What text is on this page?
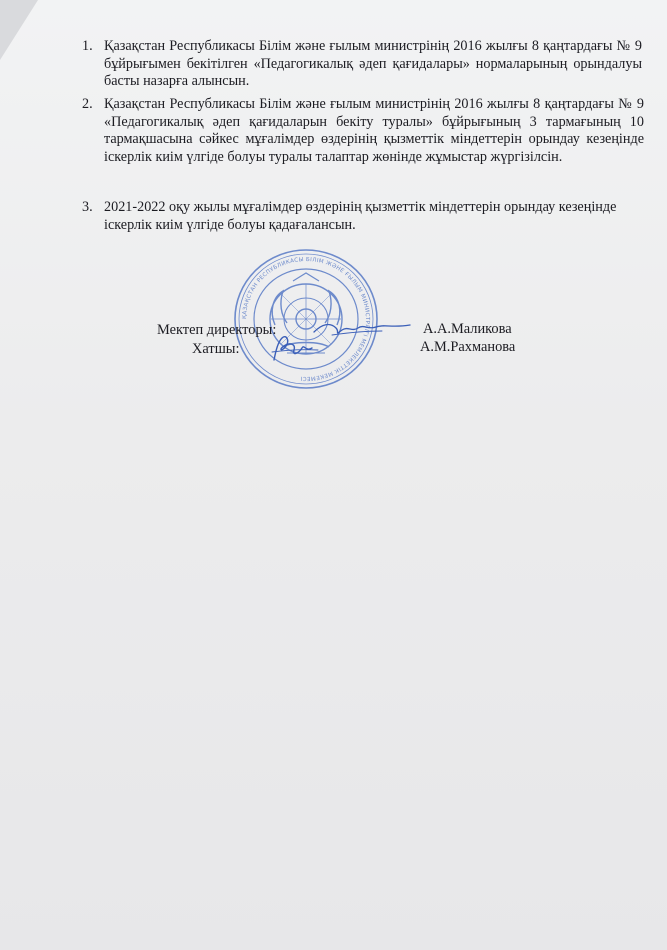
1. Қазақстан Республикасы Білім және ғылым министрінің 2016 жылғы 8 қаңтардағы № 9 бұйрығымен бекітілген «Педагогикалық әдеп қағидалары» нормаларының орындалуы басты назарға алынсын.
2. Қазақстан Республикасы Білім және ғылым министрінің 2016 жылғы 8 қаңтардағы № 9 «Педагогикалық әдеп қағидаларын бекіту туралы» бұйрығының 3 тармағының 10 тармақшасына сәйкес мұғалімдер өздерінің қызметтік міндеттерін орындау кезеңінде іскерлік киім үлгіде болуы туралы талаптар жөнінде жұмыстар жүргізілсін.
3. 2021-2022 оқу жылы мұғалімдер өздерінің қызметтік міндеттерін орындау кезеңінде іскерлік киім үлгіде болуы қадағалансын.
ҚАЗАҚСТАН РЕСПУБЛИКАСЫ БІЛІМ ЖӘНЕ ҒЫЛЫМ МИНИСТРЛІГІ МЕМЛЕКЕТТІК МЕКЕМЕСІ
Мектеп директоры:	А.А.Маликова
Хатшы:	А.М.Рахманова
